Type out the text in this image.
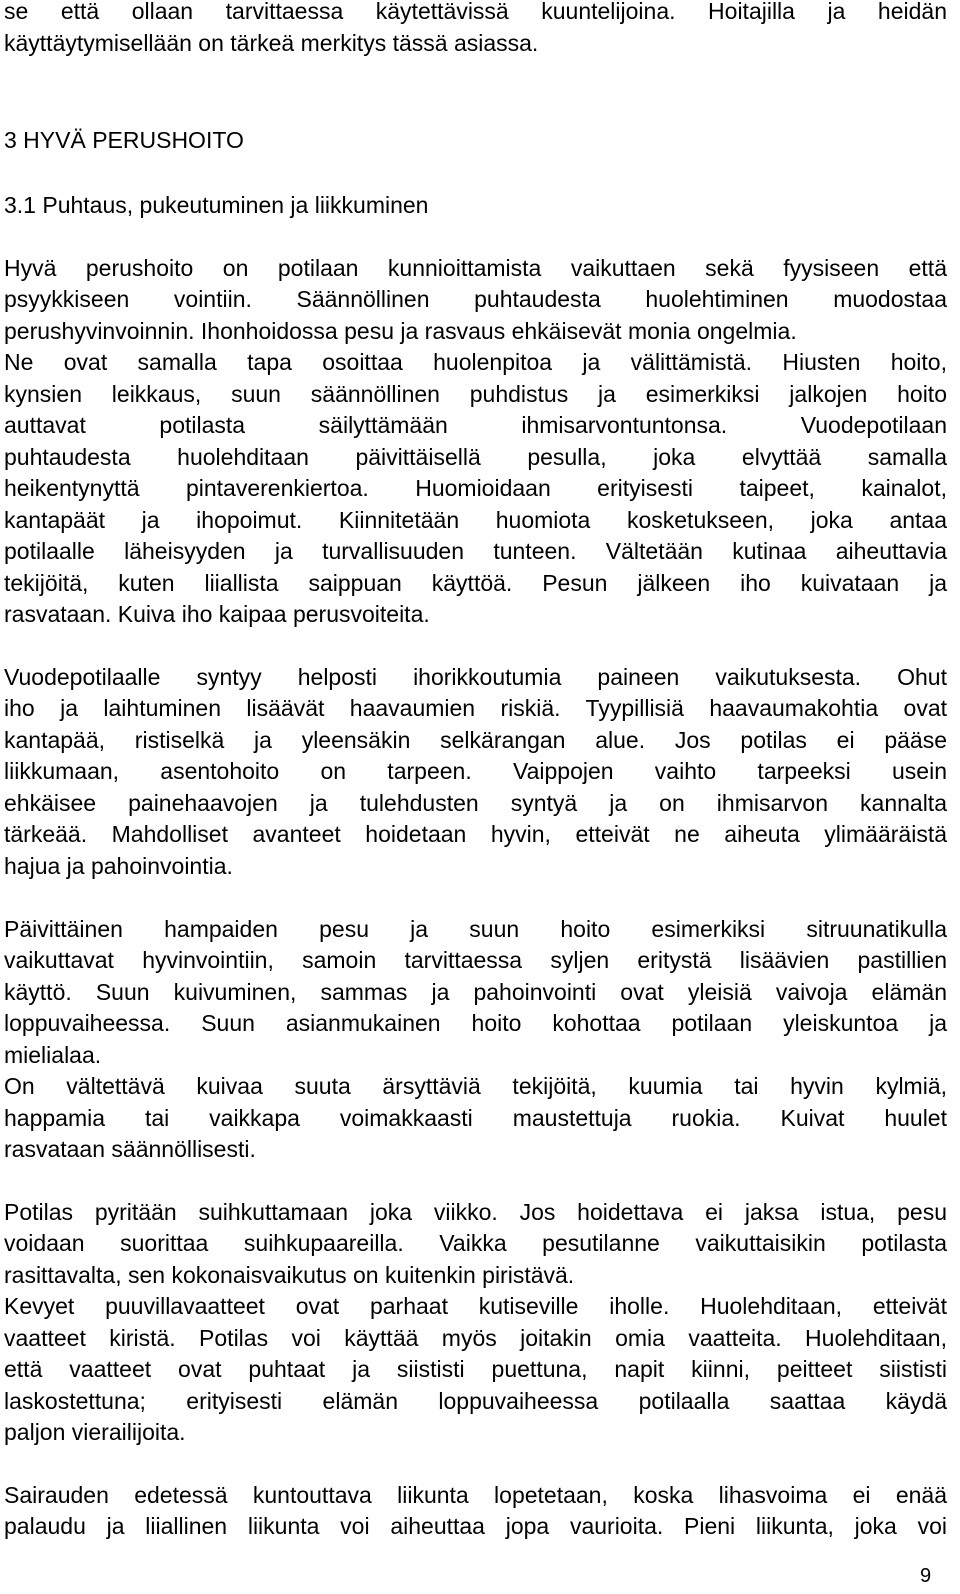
se että ollaan tarvittaessa käytettävissä kuuntelijoina. Hoitajilla ja heidän
käyttäytymisellään on tärkeä merkitys tässä asiassa.
3 HYVÄ PERUSHOITO
3.1 Puhtaus, pukeutuminen ja liikkuminen
Hyvä perushoito on potilaan kunnioittamista vaikuttaen sekä fyysiseen että
psyykkiseen vointiin. Säännöllinen puhtaudesta huolehtiminen muodostaa
perushyvinvoinnin. Ihonhoidossa pesu ja rasvaus ehkäisevät monia ongelmia.
Ne ovat samalla tapa osoittaa huolenpitoa ja välittämistä. Hiusten hoito,
kynsien leikkaus, suun säännöllinen puhdistus ja esimerkiksi jalkojen hoito
auttavat potilasta säilyttämään ihmisarvontuntonsa. Vuodepotilaan
puhtaudesta huolehditaan päivittäisellä pesulla, joka elvyttää samalla
heikentynyttä pintaverenkiertoa. Huomioidaan erityisesti taipeet, kainalot,
kantapäät ja ihopoimut. Kiinnitetään huomiota kosketukseen, joka antaa
potilaalle läheisyyden ja turvallisuuden tunteen. Vältetään kutinaa aiheuttavia
tekijöitä, kuten liiallista saippuan käyttöä. Pesun jälkeen iho kuivataan ja
rasvataan. Kuiva iho kaipaa perusvoiteita.
Vuodepotilaalle syntyy helposti ihorikkoutumia paineen vaikutuksesta. Ohut
iho ja laihtuminen lisäävät haavaumien riskiä. Tyypillisiä haavaumakohtia ovat
kantapää, ristiselkä ja yleensäkin selkärangan alue. Jos potilas ei pääse
liikkumaan, asentohoito on tarpeen. Vaippojen vaihto tarpeeksi usein
ehkäisee painehaavojen ja tulehdusten syntyä ja on ihmisarvon kannalta
tärkeää. Mahdolliset avanteet hoidetaan hyvin, etteivät ne aiheuta ylimääräistä
hajua ja pahoinvointia.
Päivittäinen hampaiden pesu ja suun hoito esimerkiksi sitruunatikulla
vaikuttavat hyvinvointiin, samoin tarvittaessa syljen eritystä lisäävien pastillien
käyttö. Suun kuivuminen, sammas ja pahoinvointi ovat yleisiä vaivoja elämän
loppuvaiheessa. Suun asianmukainen hoito kohottaa potilaan yleiskuntoa ja
mielialaa.
On vältettävä kuivaa suuta ärsyttäviä tekijöitä, kuumia tai hyvin kylmiä,
happamia tai vaikkapa voimakkaasti maustettuja ruokia. Kuivat huulet
rasvataan säännöllisesti.
Potilas pyritään suihkuttamaan joka viikko. Jos hoidettava ei jaksa istua, pesu
voidaan suorittaa suihkupaareilla. Vaikka pesutilanne vaikuttaisikin potilasta
rasittavalta, sen kokonaisvaikutus on kuitenkin piristävä.
Kevyet puuvillavaatteet ovat parhaat kutiseville iholle. Huolehditaan, etteivät
vaatteet kiristä. Potilas voi käyttää myös joitakin omia vaatteita. Huolehditaan,
että vaatteet ovat puhtaat ja siististi puettuna, napit kiinni, peitteet siististi
laskostettuna; erityisesti elämän loppuvaiheessa potilaalla saattaa käydä
paljon vierailijoita.
Sairauden edetessä kuntouttava liikunta lopetetaan, koska lihasvoima ei enää
palaudu ja liiallinen liikunta voi aiheuttaa jopa vaurioita. Pieni liikunta, joka voi
9
